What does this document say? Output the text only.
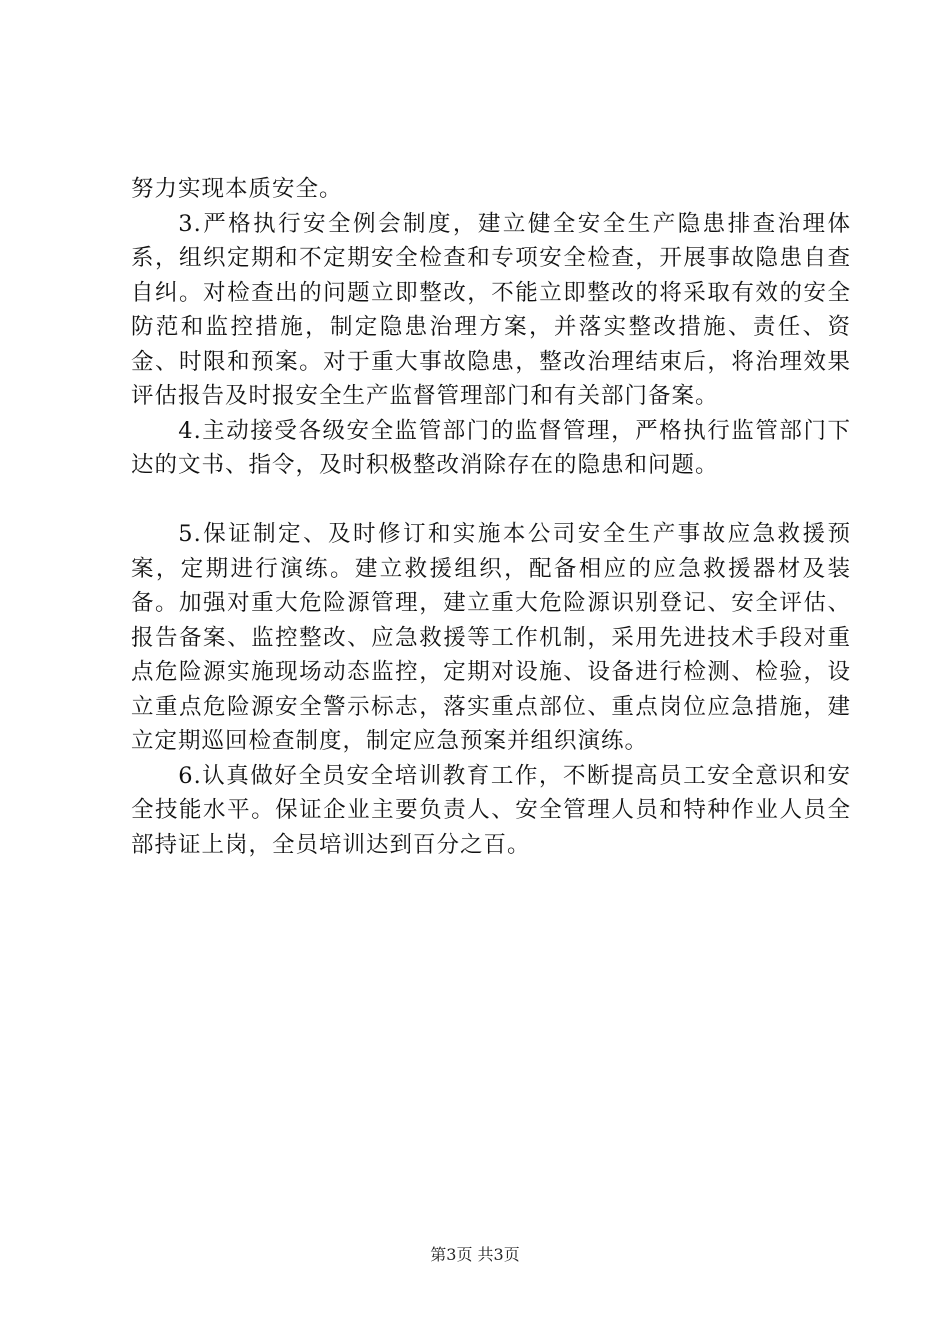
努力实现本质安全。

3.严格执行安全例会制度，建立健全安全生产隐患排查治理体系，组织定期和不定期安全检查和专项安全检查，开展事故隐患自查自纠。对检查出的问题立即整改，不能立即整改的将采取有效的安全防范和监控措施，制定隐患治理方案，并落实整改措施、责任、资金、时限和预案。对于重大事故隐患，整改治理结束后，将治理效果评估报告及时报安全生产监督管理部门和有关部门备案。

4.主动接受各级安全监管部门的监督管理，严格执行监管部门下达的文书、指令，及时积极整改消除存在的隐患和问题。

5.保证制定、及时修订和实施本公司安全生产事故应急救援预案，定期进行演练。建立救援组织，配备相应的应急救援器材及装备。加强对重大危险源管理，建立重大危险源识别登记、安全评估、报告备案、监控整改、应急救援等工作机制，采用先进技术手段对重点危险源实施现场动态监控，定期对设施、设备进行检测、检验，设立重点危险源安全警示标志，落实重点部位、重点岗位应急措施，建立定期巡回检查制度，制定应急预案并组织演练。

6.认真做好全员安全培训教育工作，不断提高员工安全意识和安全技能水平。保证企业主要负责人、安全管理人员和特种作业人员全部持证上岗，全员培训达到百分之百。

第3页 共3页
